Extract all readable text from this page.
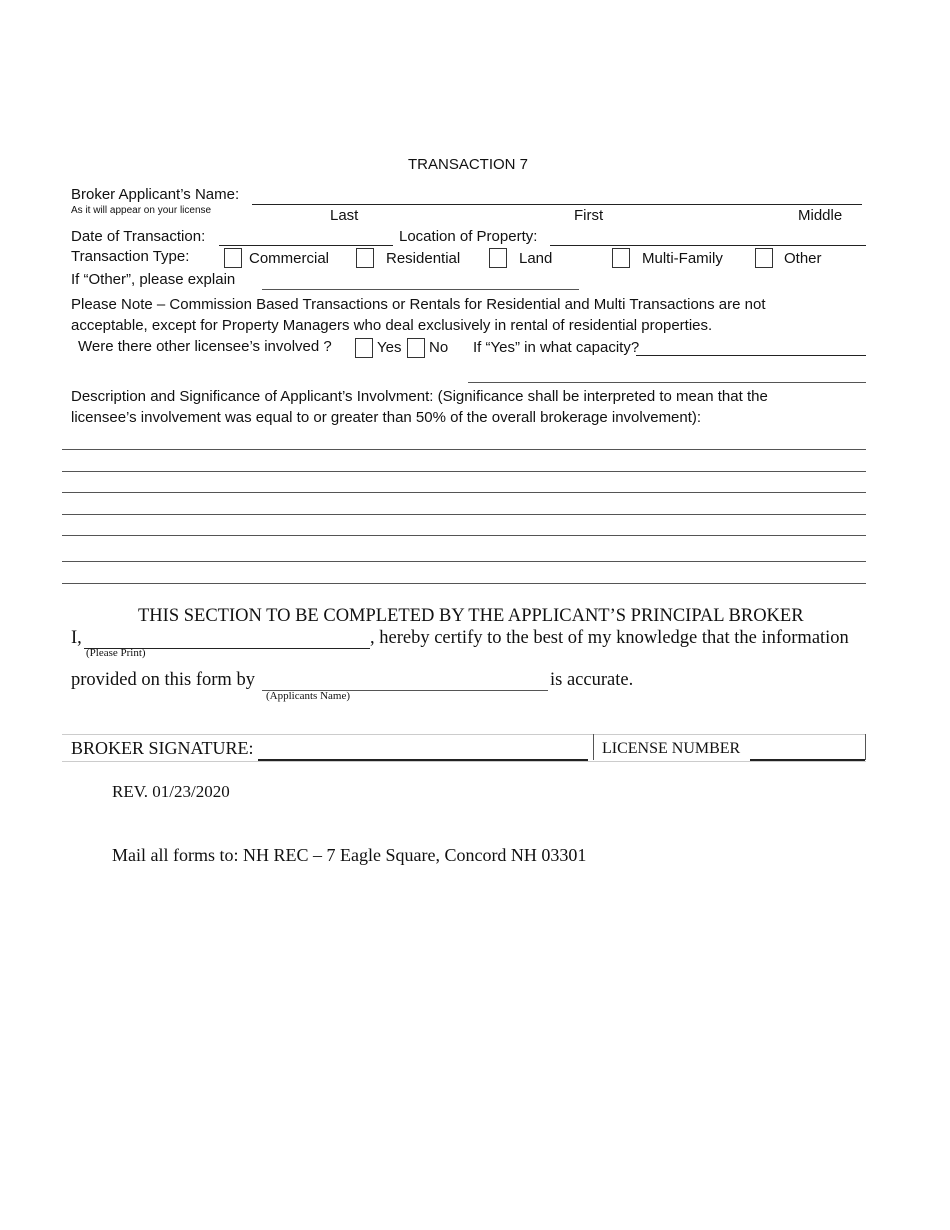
TRANSACTION 7
Broker Applicant’s Name:
As it will appear on your license	Last	First	Middle
Date of Transaction:	Location of Property:
Transaction Type:	Commercial	Residential	Land	Multi-Family	Other
If “Other”, please explain
Please Note – Commission Based Transactions or Rentals for Residential and Multi Transactions are not
acceptable, except for Property Managers who deal exclusively in rental of residential properties.
Were there other licensee’s involved ?	Yes No If “Yes” in what capacity?
Description and Significance of Applicant’s Involvment: (Significance shall be interpreted to mean that the
licensee’s involvement was equal to or greater than 50% of the overall brokerage involvement):
THIS SECTION TO BE COMPLETED BY THE APPLICANT’S PRINCIPAL BROKER
I,	, hereby certify to the best of my knowledge that the information
(Please Print)
provided on this form by	is accurate.
(Applicants Name)
BROKER SIGNATURE:	LICENSE NUMBER
REV. 01/23/2020
Mail all forms to: NH REC – 7 Eagle Square, Concord NH 03301
